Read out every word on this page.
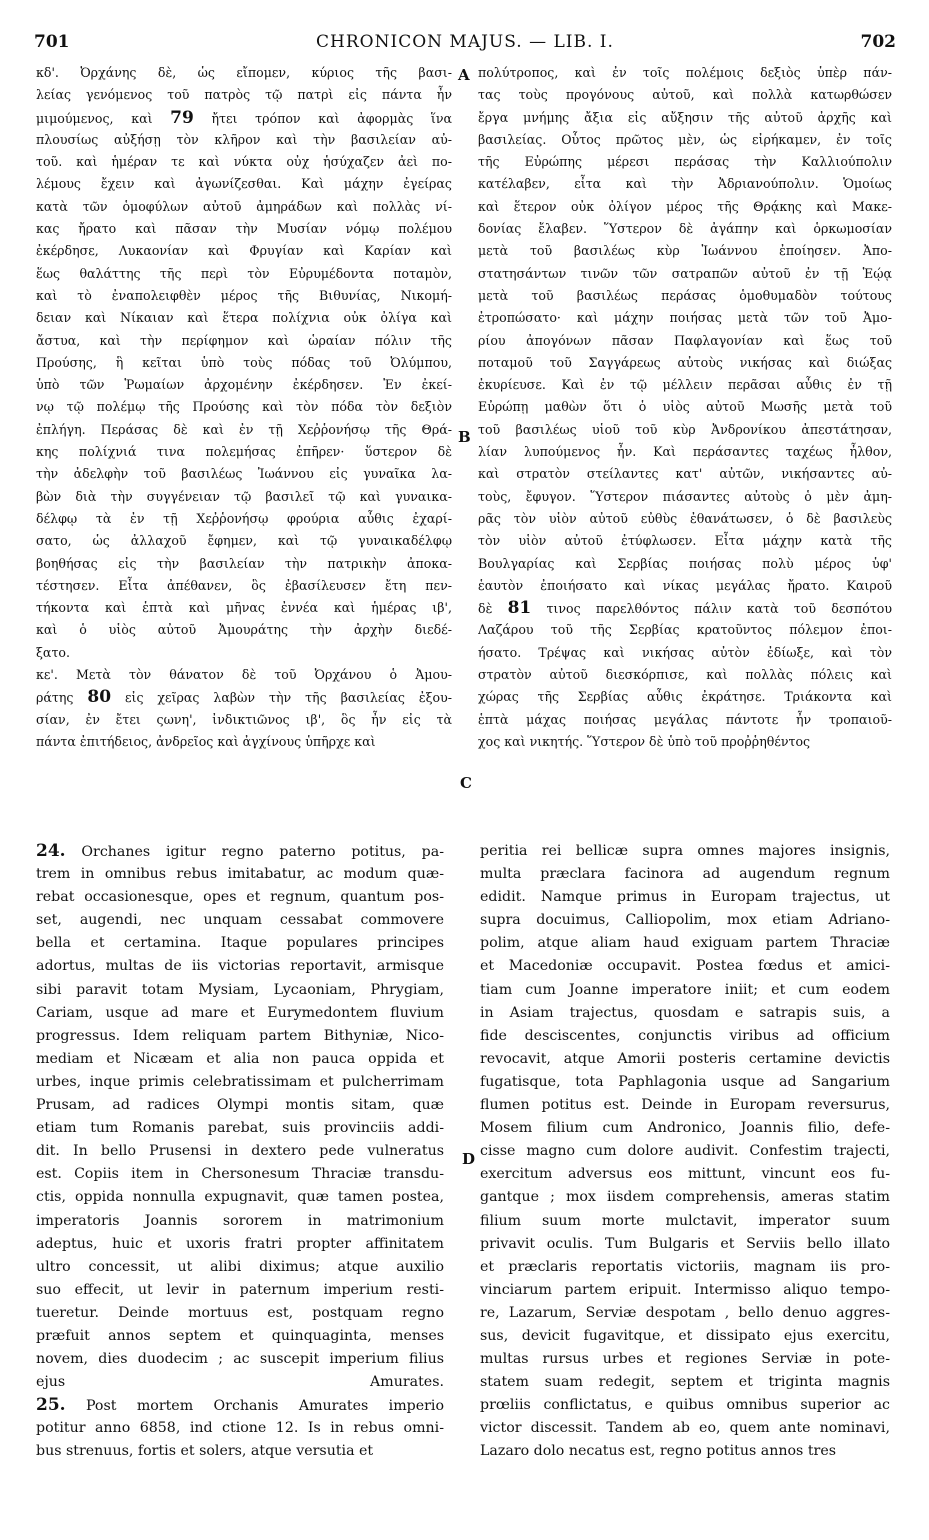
701	CHRONICON MAJUS. — LIB. I.	702
κδ'. Ὀρχάνης δὲ, ὡς εἴπομεν, κύριος τῆς βασι-
λείας γενόμενος τοῦ πατρὸς τῷ πατρὶ εἰς πάντα ἦν
μιμούμενος, καὶ 79 ἤτει τρόπον καὶ ἀφορμὰς ἵνα
πλουσίως αὐξήσῃ τὸν κλῆρον καὶ τὴν βασιλείαν αὐ-
τοῦ. καὶ ἡμέραν τε καὶ νύκτα οὐχ ἡσύχαζεν ἀεὶ πο-
λέμους ἔχειν καὶ ἀγωνίζεσθαι. Καὶ μάχην ἐγείρας
κατὰ τῶν ὁμοφύλων αὐτοῦ ἀμηράδων καὶ πολλὰς νί-
κας ἤρατο καὶ πᾶσαν τὴν Μυσίαν νόμῳ πολέμου
ἐκέρδησε, Λυκαονίαν καὶ Φρυγίαν καὶ Καρίαν καὶ
ἕως θαλάττης τῆς περὶ τὸν Εὐρυμέδοντα ποταμὸν,
καὶ τὸ ἐναπολειφθὲν μέρος τῆς Βιθυνίας, Νικομή-
δειαν καὶ Νίκαιαν καὶ ἕτερα πολίχνια οὐκ ὀλίγα καὶ
ἄστυα, καὶ τὴν περίφημον καὶ ὡραίαν πόλιν τῆς
Προύσης, ἣ κεῖται ὑπὸ τοὺς πόδας τοῦ Ὀλύμπου,
ὑπὸ τῶν Ῥωμαίων ἀρχομένην ἐκέρδησεν. Ἐν ἐκεί-
νῳ τῷ πολέμῳ τῆς Προύσης καὶ τὸν πόδα τὸν δεξιὸν
ἐπλήγη. Περάσας δὲ καὶ ἐν τῇ Χεῤῥονήσῳ τῆς Θρά-
κης πολίχνιά τινα πολεμήσας ἐπῆρεν· ὕστερον δὲ
τὴν ἀδελφὴν τοῦ βασιλέως Ἰωάννου εἰς γυναῖκα λα-
βὼν διὰ τὴν συγγένειαν τῷ βασιλεῖ τῷ καὶ γυναικα-
δέλφῳ τὰ ἐν τῇ Χεῤῥονήσῳ φρούρια αὖθις ἐχαρί-
σατο, ὡς ἀλλαχοῦ ἔφημεν, καὶ τῷ γυναικαδέλφῳ
βοηθήσας εἰς τὴν βασιλείαν τὴν πατρικὴν ἀποκα-
τέστησεν. Εἶτα ἀπέθανεν, ὃς ἐβασίλευσεν ἔτη πεν-
τήκοντα καὶ ἑπτὰ καὶ μῆνας ἐννέα καὶ ἡμέρας ιβ',
καὶ ὁ υἱὸς αὐτοῦ Ἀμουράτης τὴν ἀρχὴν διεδέ-
ξατο.
κε'. Μετὰ τὸν θάνατον δὲ τοῦ Ὀρχάνου ὁ Ἀμου-
ράτης 80 εἰς χεῖρας λαβὼν τὴν τῆς βασιλείας ἐξου-
σίαν, ἐν ἔτει ςωνη', ἰνδικτιῶνος ιβ', ὃς ἦν εἰς τὰ
πάντα ἐπιτήδειος, ἀνδρεῖος καὶ ἀγχίνους ὑπῆρχε καὶ
πολύτροπος, καὶ ἐν τοῖς πολέμοις δεξιὸς ὑπὲρ πάν-
τας τοὺς προγόνους αὐτοῦ, καὶ πολλὰ κατωρθώσεν
ἔργα μνήμης ἄξια εἰς αὔξησιν τῆς αὐτοῦ ἀρχῆς καὶ
βασιλείας. Οὗτος πρῶτος μὲν, ὡς εἰρήκαμεν, ἐν τοῖς
τῆς Εὐρώπης μέρεσι περάσας τὴν Καλλιούπολιν
κατέλαβεν, εἶτα καὶ τὴν Ἀδριανούπολιν. Ὁμοίως
καὶ ἕτερον οὐκ ὀλίγον μέρος τῆς Θρᾴκης καὶ Μακε-
δονίας ἔλαβεν. Ὕστερον δὲ ἀγάπην καὶ ὁρκωμοσίαν
μετὰ τοῦ βασιλέως κὺρ Ἰωάννου ἐποίησεν. Ἀπο-
στατησάντων τινῶν τῶν σατραπῶν αὐτοῦ ἐν τῇ Ἑῴᾳ
μετὰ τοῦ βασιλέως περάσας ὁμοθυμαδὸν τούτους
ἐτροπώσατο· καὶ μάχην ποιήσας μετὰ τῶν τοῦ Ἀμο-
ρίου ἀπογόνων πᾶσαν Παφλαγονίαν καὶ ἕως τοῦ
ποταμοῦ τοῦ Σαγγάρεως αὐτοὺς νικήσας καὶ διώξας
ἐκυρίευσε. Καὶ ἐν τῷ μέλλειν περᾶσαι αὖθις ἐν τῇ
Εὐρώπῃ μαθὼν ὅτι ὁ υἱὸς αὐτοῦ Μωσῆς μετὰ τοῦ
τοῦ βασιλέως υἱοῦ τοῦ κὺρ Ἀνδρονίκου ἀπεστάτησαν,
λίαν λυπούμενος ἦν. Καὶ περάσαντες ταχέως ἦλθον,
καὶ στρατὸν στείλαντες κατ' αὐτῶν, νικήσαντες αὐ-
τοὺς, ἔφυγον. Ὕστερον πιάσαντες αὐτοὺς ὁ μὲν ἀμη-
ρᾶς τὸν υἱὸν αὐτοῦ εὐθὺς ἐθανάτωσεν, ὁ δὲ βασιλεὺς
τὸν υἱὸν αὐτοῦ ἐτύφλωσεν. Εἶτα μάχην κατὰ τῆς
Βουλγαρίας καὶ Σερβίας ποιήσας πολὺ μέρος ὑφ'
ἑαυτὸν ἐποιήσατο καὶ νίκας μεγάλας ἤρατο. Καιροῦ
δὲ 81 τινος παρελθόντος πάλιν κατὰ τοῦ δεσπότου
Λαζάρου τοῦ τῆς Σερβίας κρατοῦντος πόλεμον ἐποι-
ήσατο. Τρέψας καὶ νικήσας αὐτὸν ἐδίωξε, καὶ τὸν
στρατὸν αὐτοῦ διεσκόρπισε, καὶ πολλὰς πόλεις καὶ
χώρας τῆς Σερβίας αὖθις ἐκράτησε. Τριάκοντα καὶ
ἑπτὰ μάχας ποιήσας μεγάλας πάντοτε ἦν τροπαιοῦ-
χος καὶ νικητής. Ὕστερον δὲ ὑπὸ τοῦ προῤῥηθέντος
A
B
C
24. Orchanes igitur regno paterno potitus, pa-
trem in omnibus rebus imitabatur, ac modum quæ-
rebat occasionesque, opes et regnum, quantum pos-
set, augendi, nec unquam cessabat commovere
bella et certamina. Itaque populares principes
adortus, multas de iis victorias reportavit, armisque
sibi paravit totam Mysiam, Lycaoniam, Phrygiam,
Cariam, usque ad mare et Eurymedontem fluvium
progressus. Idem reliquam partem Bithyniæ, Nico-
mediam et Nicæam et alia non pauca oppida et
urbes, inque primis celebratissimam et pulcherrimam
Prusam, ad radices Olympi montis sitam, quæ
etiam tum Romanis parebat, suis provinciis addi-
dit. In bello Prusensi in dextero pede vulneratus
est. Copiis item in Chersonesum Thraciæ transdu-
ctis, oppida nonnulla expugnavit, quæ tamen postea,
imperatoris Joannis sororem in matrimonium
adeptus, huic et uxoris fratri propter affinitatem
ultro concessit, ut alibi diximus; atque auxilio
suo effecit, ut levir in paternum imperium resti-
tueretur. Deinde mortuus est, postquam regno
præfuit annos septem et quinquaginta, menses
novem, dies duodecim ; ac suscepit imperium filius
ejus Amurates.
25. Post mortem Orchanis Amurates imperio
potitur anno 6858, ind ctione 12. Is in rebus omni-
bus strenuus, fortis et solers, atque versutia et
peritia rei bellicæ supra omnes majores insignis,
multa præclara facinora ad augendum regnum
edidit. Namque primus in Europam trajectus, ut
supra docuimus, Calliopolim, mox etiam Adriano-
polim, atque aliam haud exiguam partem Thraciæ
et Macedoniæ occupavit. Postea fœdus et amici-
tiam cum Joanne imperatore iniit; et cum eodem
in Asiam trajectus, quosdam e satrapis suis, a
fide desciscentes, conjunctis viribus ad officium
revocavit, atque Amorii posteris certamine devictis
fugatisque, tota Paphlagonia usque ad Sangarium
flumen potitus est. Deinde in Europam reversurus,
Mosem filium cum Andronico, Joannis filio, defe-
cisse magno cum dolore audivit. Confestim trajecti,
exercitum adversus eos mittunt, vincunt eos fu-
gantque ; mox iisdem comprehensis, ameras statim
filium suum morte mulctavit, imperator suum
privavit oculis. Tum Bulgaris et Serviis bello illato
et præclaris reportatis victoriis, magnam iis pro-
vinciarum partem eripuit. Intermisso aliquo tempo-
re, Lazarum, Serviæ despotam , bello denuo aggres-
sus, devicit fugavitque, et dissipato ejus exercitu,
multas rursus urbes et regiones Serviæ in pote-
statem suam redegit, septem et triginta magnis
prœliis conflictatus, e quibus omnibus superior ac
victor discessit. Tandem ab eo, quem ante nominavi,
Lazaro dolo necatus est, regno potitus annos tres
D
